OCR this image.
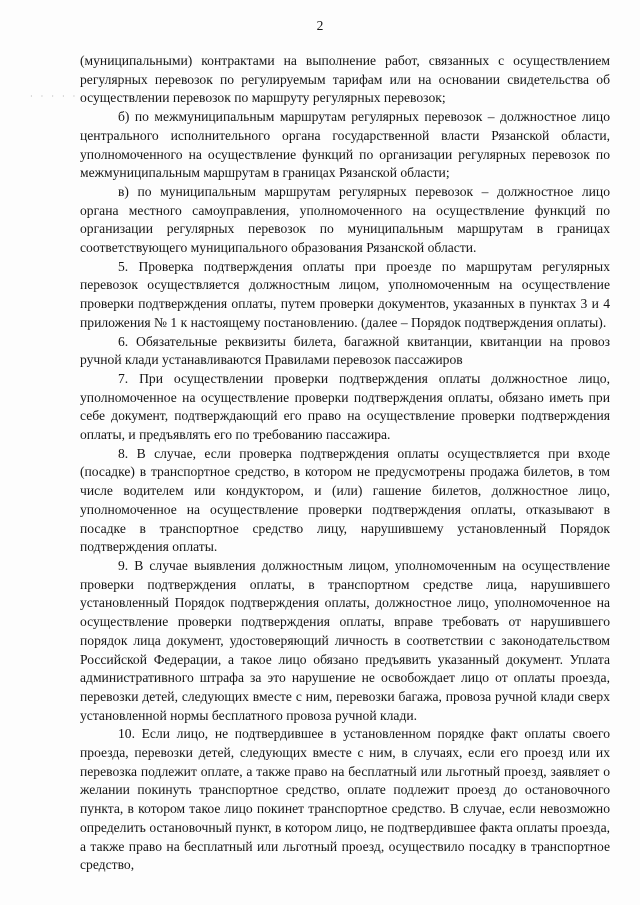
2
· · · · · ·

(муниципальными) контрактами на выполнение работ, связанных с осуществлением регулярных перевозок по регулируемым тарифам или на основании свидетельства об осуществлении перевозок по маршруту регулярных перевозок;

б) по межмуниципальным маршрутам регулярных перевозок – должностное лицо центрального исполнительного органа государственной власти Рязанской области, уполномоченного на осуществление функций по организации регулярных перевозок по межмуниципальным маршрутам в границах Рязанской области;

в) по муниципальным маршрутам регулярных перевозок – должностное лицо органа местного самоуправления, уполномоченного на осуществление функций по организации регулярных перевозок по муниципальным маршрутам в границах соответствующего муниципального образования Рязанской области.

5. Проверка подтверждения оплаты при проезде по маршрутам регулярных перевозок осуществляется должностным лицом, уполномоченным на осуществление проверки подтверждения оплаты, путем проверки документов, указанных в пунктах 3 и 4 приложения № 1 к настоящему постановлению. (далее – Порядок подтверждения оплаты).

6. Обязательные реквизиты билета, багажной квитанции, квитанции на провоз ручной клади устанавливаются Правилами перевозок пассажиров

7. При осуществлении проверки подтверждения оплаты должностное лицо, уполномоченное на осуществление проверки подтверждения оплаты, обязано иметь при себе документ, подтверждающий его право на осуществление проверки подтверждения оплаты, и предъявлять его по требованию пассажира.

8. В случае, если проверка подтверждения оплаты осуществляется при входе (посадке) в транспортное средство, в котором не предусмотрены продажа билетов, в том числе водителем или кондуктором, и (или) гашение билетов, должностное лицо, уполномоченное на осуществление проверки подтверждения оплаты, отказывают в посадке в транспортное средство лицу, нарушившему установленный Порядок подтверждения оплаты.

9. В случае выявления должностным лицом, уполномоченным на осуществление проверки подтверждения оплаты, в транспортном средстве лица, нарушившего установленный Порядок подтверждения оплаты, должностное лицо, уполномоченное на осуществление проверки подтверждения оплаты, вправе требовать от нарушившего порядок лица документ, удостоверяющий личность в соответствии с законодательством Российской Федерации, а такое лицо обязано предъявить указанный документ. Уплата административного штрафа за это нарушение не освобождает лицо от оплаты проезда, перевозки детей, следующих вместе с ним, перевозки багажа, провоза ручной клади сверх установленной нормы бесплатного провоза ручной клади.

10. Если лицо, не подтвердившее в установленном порядке факт оплаты своего проезда, перевозки детей, следующих вместе с ним, в случаях, если его проезд или их перевозка подлежит оплате, а также право на бесплатный или льготный проезд, заявляет о желании покинуть транспортное средство, оплате подлежит проезд до остановочного пункта, в котором такое лицо покинет транспортное средство. В случае, если невозможно определить остановочный пункт, в котором лицо, не подтвердившее факта оплаты проезда, а также право на бесплатный или льготный проезд, осуществило посадку в транспортное средство,
